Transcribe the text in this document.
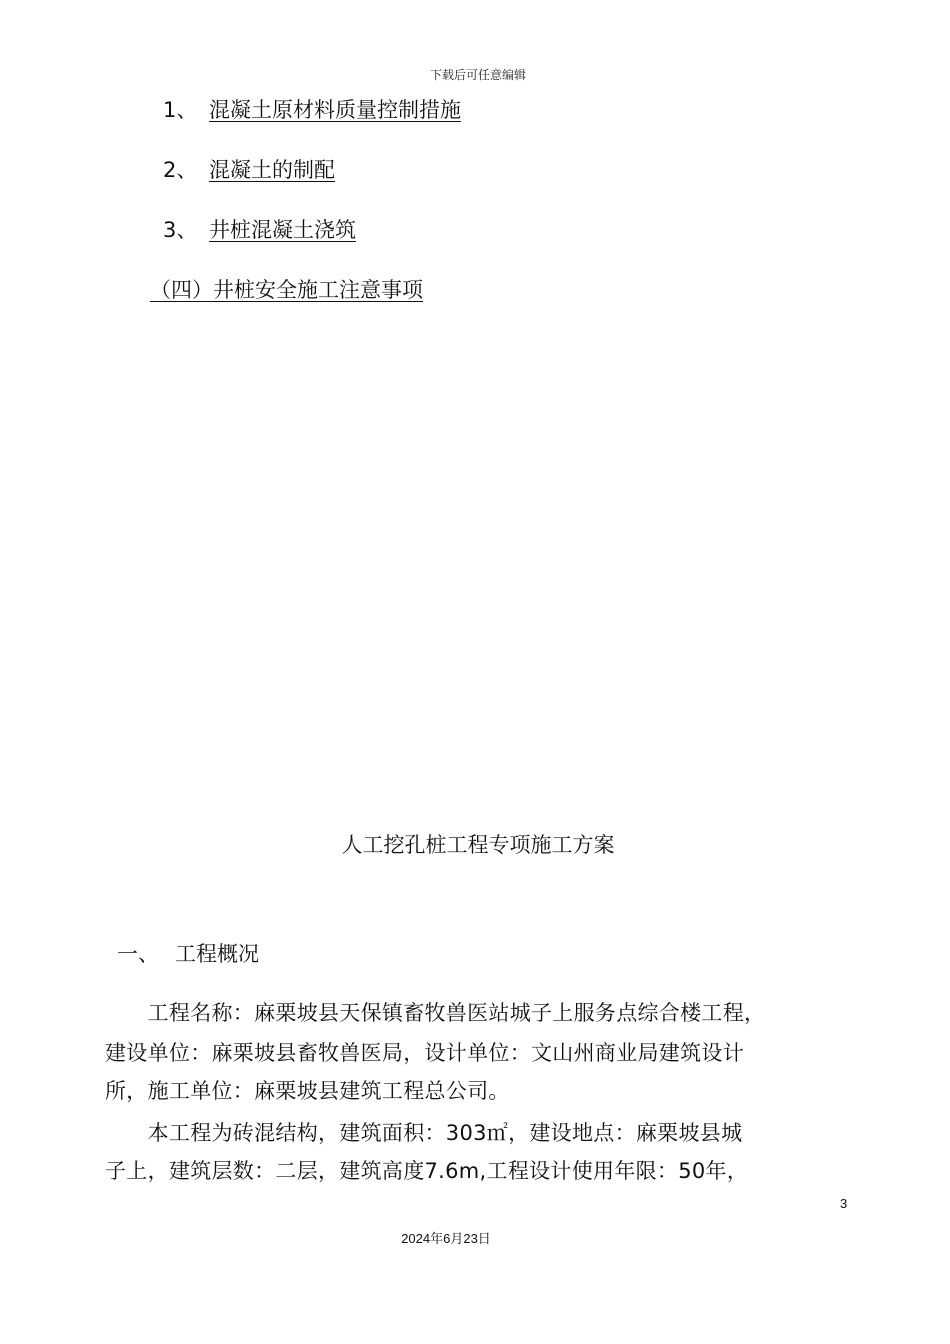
下载后可任意编辑
1、 混凝土原材料质量控制措施
2、 混凝土的制配
3、 井桩混凝土浇筑
（四）井桩安全施工注意事项
人工挖孔桩工程专项施工方案
一、 工程概况
　　工程名称：麻栗坡县天保镇畜牧兽医站城子上服务点综合楼工程，
建设单位：麻栗坡县畜牧兽医局，设计单位：文山州商业局建筑设计
所，施工单位：麻栗坡县建筑工程总公司。
　　本工程为砖混结构，建筑面积：303㎡，建设地点：麻栗坡县城
子上，建筑层数：二层，建筑高度7.6m,工程设计使用年限：50年，
3
2024年6月23日
